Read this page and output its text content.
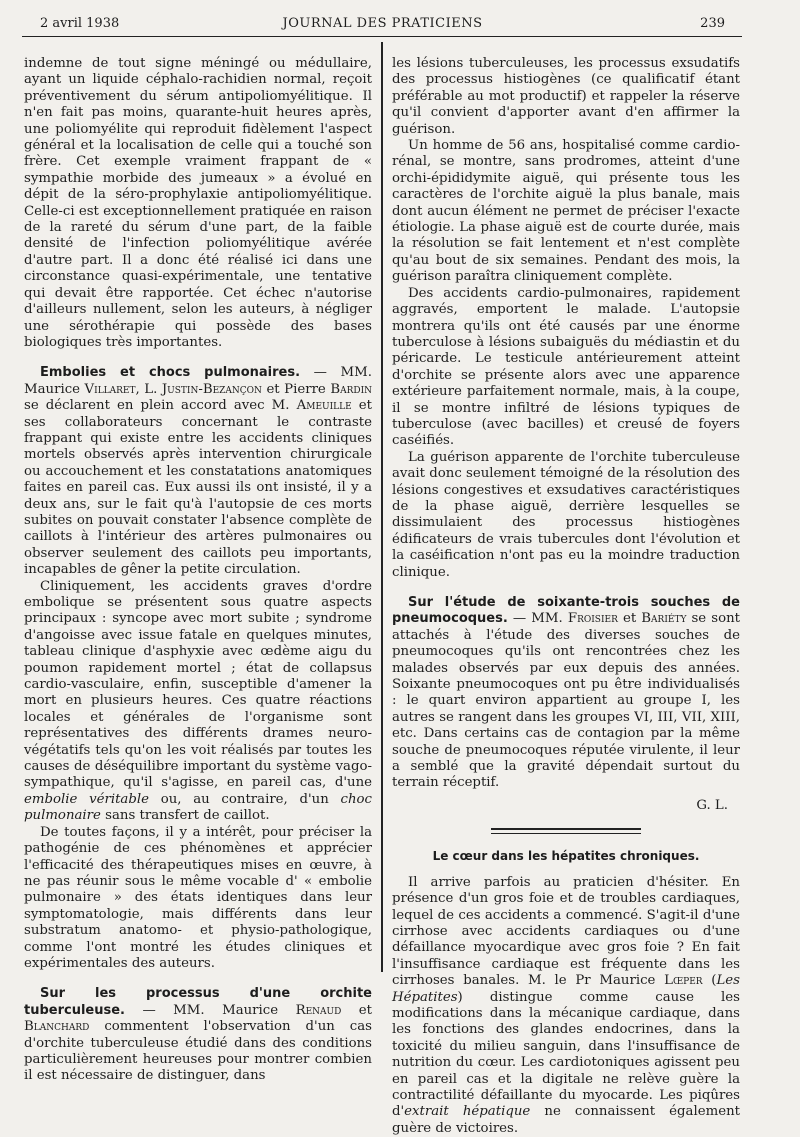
2 avril 1938	JOURNAL DES PRATICIENS	239

indemne de tout signe méningé ou médullaire, ayant un liquide céphalo-rachidien normal, reçoit préventivement du sérum antipoliomyélitique. Il n'en fait pas moins, quarante-huit heures après, une poliomyélite qui reproduit fidèlement l'aspect général et la localisation de celle qui a touché son frère. Cet exemple vraiment frappant de « sympathie morbide des jumeaux » a évolué en dépit de la séro-prophylaxie antipoliomyélitique. Celle-ci est exceptionnellement pratiquée en raison de la rareté du sérum d'une part, de la faible densité de l'infection poliomyélitique avérée d'autre part. Il a donc été réalisé ici dans une circonstance quasi-expérimentale, une tentative qui devait être rapportée. Cet échec n'autorise d'ailleurs nullement, selon les auteurs, à négliger une sérothérapie qui possède des bases biologiques très importantes.

Embolies et chocs pulmonaires. — MM. Maurice Villaret, L. Justin-Bezançon et Pierre Bardin se déclarent en plein accord avec M. Ameuille et ses collaborateurs concernant le contraste frappant qui existe entre les accidents cliniques mortels observés après intervention chirurgicale ou accouchement et les constatations anatomiques faites en pareil cas. Eux aussi ils ont insisté, il y a deux ans, sur le fait qu'à l'autopsie de ces morts subites on pouvait constater l'absence complète de caillots à l'intérieur des artères pulmonaires ou observer seulement des caillots peu importants, incapables de gêner la petite circulation.

Cliniquement, les accidents graves d'ordre embolique se présentent sous quatre aspects principaux : syncope avec mort subite ; syndrome d'angoisse avec issue fatale en quelques minutes, tableau clinique d'asphyxie avec œdème aigu du poumon rapidement mortel ; état de collapsus cardio-vasculaire, enfin, susceptible d'amener la mort en plusieurs heures. Ces quatre réactions locales et générales de l'organisme sont représentatives des différents drames neuro-végétatifs tels qu'on les voit réalisés par toutes les causes de déséquilibre important du système vago-sympathique, qu'il s'agisse, en pareil cas, d'une embolie véritable ou, au contraire, d'un choc pulmonaire sans transfert de caillot.

De toutes façons, il y a intérêt, pour préciser la pathogénie de ces phénomènes et apprécier l'efficacité des thérapeutiques mises en œuvre, à ne pas réunir sous le même vocable d' « embolie pulmonaire » des états identiques dans leur symptomatologie, mais différents dans leur substratum anatomo- et physio-pathologique, comme l'ont montré les études cliniques et expérimentales des auteurs.

Sur les processus d'une orchite tuberculeuse. — MM. Maurice Renaud et Blanchard commentent l'observation d'un cas d'orchite tuberculeuse étudié dans des conditions particulièrement heureuses pour montrer combien il est nécessaire de distinguer, dans

les lésions tuberculeuses, les processus exsudatifs des processus histiogènes (ce qualificatif étant préférable au mot productif) et rappeler la réserve qu'il convient d'apporter avant d'en affirmer la guérison.

Un homme de 56 ans, hospitalisé comme cardio-rénal, se montre, sans prodromes, atteint d'une orchi-épididymite aiguë, qui présente tous les caractères de l'orchite aiguë la plus banale, mais dont aucun élément ne permet de préciser l'exacte étiologie. La phase aiguë est de courte durée, mais la résolution se fait lentement et n'est complète qu'au bout de six semaines. Pendant des mois, la guérison paraîtra cliniquement complète.

Des accidents cardio-pulmonaires, rapidement aggravés, emportent le malade. L'autopsie montrera qu'ils ont été causés par une énorme tuberculose à lésions subaiguës du médiastin et du péricarde. Le testicule antérieurement atteint d'orchite se présente alors avec une apparence extérieure parfaitement normale, mais, à la coupe, il se montre infiltré de lésions typiques de tuberculose (avec bacilles) et creusé de foyers caséifiés.

La guérison apparente de l'orchite tuberculeuse avait donc seulement témoigné de la résolution des lésions congestives et exsudatives caractéristiques de la phase aiguë, derrière lesquelles se dissimulaient des processus histiogènes édificateurs de vrais tubercules dont l'évolution et la caséification n'ont pas eu la moindre traduction clinique.

Sur l'étude de soixante-trois souches de pneumocoques. — MM. Froisier et Bariéty se sont attachés à l'étude des diverses souches de pneumocoques qu'ils ont rencontrées chez les malades observés par eux depuis des années. Soixante pneumocoques ont pu être individualisés : le quart environ appartient au groupe I, les autres se rangent dans les groupes VI, III, VII, XIII, etc. Dans certains cas de contagion par la même souche de pneumocoques réputée virulente, il leur a semblé que la gravité dépendait surtout du terrain réceptif.

G. L.

Le cœur dans les hépatites chroniques.

Il arrive parfois au praticien d'hésiter. En présence d'un gros foie et de troubles cardiaques, lequel de ces accidents a commencé. S'agit-il d'une cirrhose avec accidents cardiaques ou d'une défaillance myocardique avec gros foie ? En fait l'insuffisance cardiaque est fréquente dans les cirrhoses banales. M. le Pr Maurice Lœper (Les Hépatites) distingue comme cause les modifications dans la mécanique cardiaque, dans les fonctions des glandes endocrines, dans la toxicité du milieu sanguin, dans l'insuffisance de nutrition du cœur. Les cardiotoniques agissent peu en pareil cas et la digitale ne relève guère la contractilité défaillante du myocarde. Les piqûres d'extrait hépatique ne connaissent également guère de victoires.
